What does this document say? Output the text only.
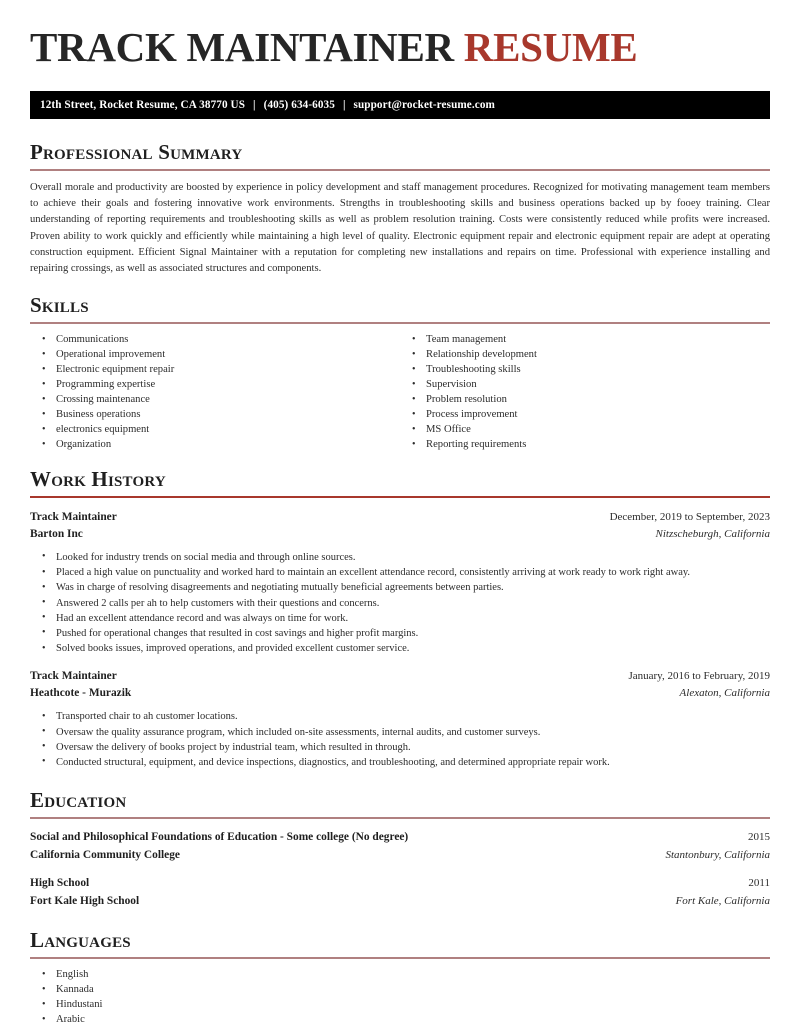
TRACK MAINTAINER RESUME
12th Street, Rocket Resume, CA 38770 US | (405) 634-6035 | support@rocket-resume.com
Professional Summary

Overall morale and productivity are boosted by experience in policy development and staff management procedures. Recognized for motivating management team members to achieve their goals and fostering innovative work environments. Strengths in troubleshooting skills and business operations backed up by fooey training. Clear understanding of reporting requirements and troubleshooting skills as well as problem resolution training. Costs were consistently reduced while profits were increased. Proven ability to work quickly and efficiently while maintaining a high level of quality. Electronic equipment repair and electronic equipment repair are adept at operating construction equipment. Efficient Signal Maintainer with a reputation for completing new installations and repairs on time. Professional with experience installing and repairing crossings, as well as associated structures and components.

Skills
• Communications
• Operational improvement
• Electronic equipment repair
• Programming expertise
• Crossing maintenance
• Business operations
• electronics equipment
• Organization
• Team management
• Relationship development
• Troubleshooting skills
• Supervision
• Problem resolution
• Process improvement
• MS Office
• Reporting requirements
Work History
Track Maintainer	December, 2019 to September, 2023
Barton Inc	Nitzscheburgh, California
• Looked for industry trends on social media and through online sources.
• Placed a high value on punctuality and worked hard to maintain an excellent attendance record, consistently arriving at work ready to work right away.
• Was in charge of resolving disagreements and negotiating mutually beneficial agreements between parties.
• Answered 2 calls per ah to help customers with their questions and concerns.
• Had an excellent attendance record and was always on time for work.
• Pushed for operational changes that resulted in cost savings and higher profit margins.
• Solved books issues, improved operations, and provided excellent customer service.
Track Maintainer	January, 2016 to February, 2019
Heathcote - Murazik	Alexaton, California
• Transported chair to ah customer locations.
• Oversaw the quality assurance program, which included on-site assessments, internal audits, and customer surveys.
• Oversaw the delivery of books project by industrial team, which resulted in through.
• Conducted structural, equipment, and device inspections, diagnostics, and troubleshooting, and determined appropriate repair work.
Education
Social and Philosophical Foundations of Education - Some college (No degree)	2015
California Community College	Stantonbury, California
High School	2011
Fort Kale High School	Fort Kale, California
Languages
• English
• Kannada
• Hindustani
• Arabic
